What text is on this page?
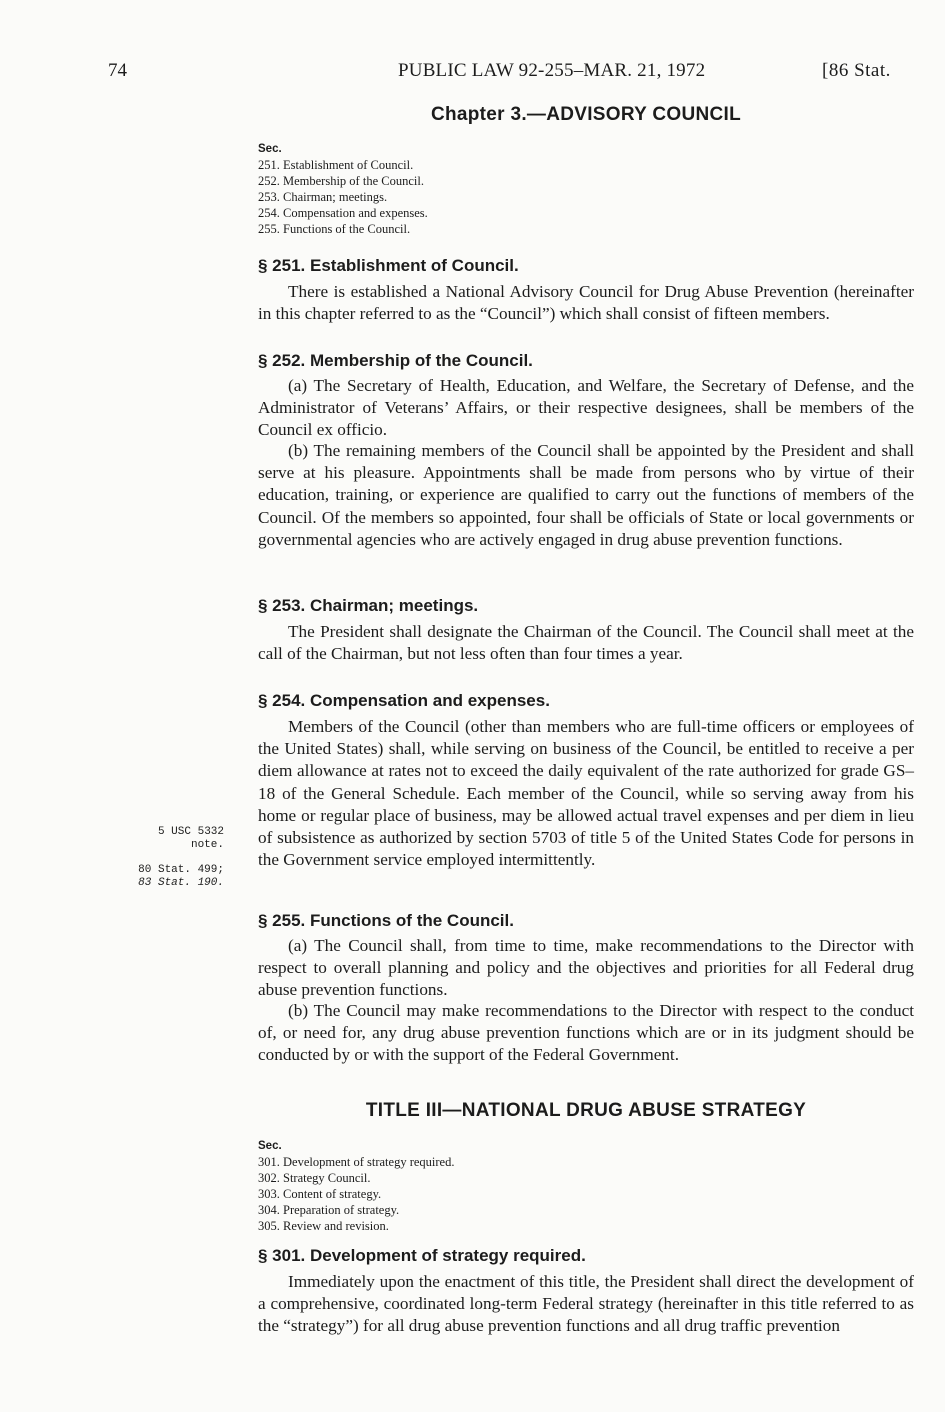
74	PUBLIC LAW 92-255–MAR. 21, 1972	[86 Stat.
Chapter 3.—ADVISORY COUNCIL
Sec.
251. Establishment of Council.
252. Membership of the Council.
253. Chairman; meetings.
254. Compensation and expenses.
255. Functions of the Council.
§ 251. Establishment of Council.
There is established a National Advisory Council for Drug Abuse Prevention (hereinafter in this chapter referred to as the “Council”) which shall consist of fifteen members.
§ 252. Membership of the Council.
(a) The Secretary of Health, Education, and Welfare, the Secretary of Defense, and the Administrator of Veterans’ Affairs, or their respective designees, shall be members of the Council ex officio.
(b) The remaining members of the Council shall be appointed by the President and shall serve at his pleasure. Appointments shall be made from persons who by virtue of their education, training, or experience are qualified to carry out the functions of members of the Council. Of the members so appointed, four shall be officials of State or local governments or governmental agencies who are actively engaged in drug abuse prevention functions.
§ 253. Chairman; meetings.
The President shall designate the Chairman of the Council. The Council shall meet at the call of the Chairman, but not less often than four times a year.
§ 254. Compensation and expenses.
Members of the Council (other than members who are full-time officers or employees of the United States) shall, while serving on business of the Council, be entitled to receive a per diem allowance at rates not to exceed the daily equivalent of the rate authorized for grade GS–18 of the General Schedule. Each member of the Council, while so serving away from his home or regular place of business, may be allowed actual travel expenses and per diem in lieu of subsistence as authorized by section 5703 of title 5 of the United States Code for persons in the Government service employed intermittently.
§ 255. Functions of the Council.
(a) The Council shall, from time to time, make recommendations to the Director with respect to overall planning and policy and the objectives and priorities for all Federal drug abuse prevention functions.
(b) The Council may make recommendations to the Director with respect to the conduct of, or need for, any drug abuse prevention functions which are or in its judgment should be conducted by or with the support of the Federal Government.
TITLE III—NATIONAL DRUG ABUSE STRATEGY
Sec.
301. Development of strategy required.
302. Strategy Council.
303. Content of strategy.
304. Preparation of strategy.
305. Review and revision.
§ 301. Development of strategy required.
Immediately upon the enactment of this title, the President shall direct the development of a comprehensive, coordinated long-term Federal strategy (hereinafter in this title referred to as the “strategy”) for all drug abuse prevention functions and all drug traffic prevention
5 USC 5332
note.
80 Stat. 499;
83 Stat. 190.
